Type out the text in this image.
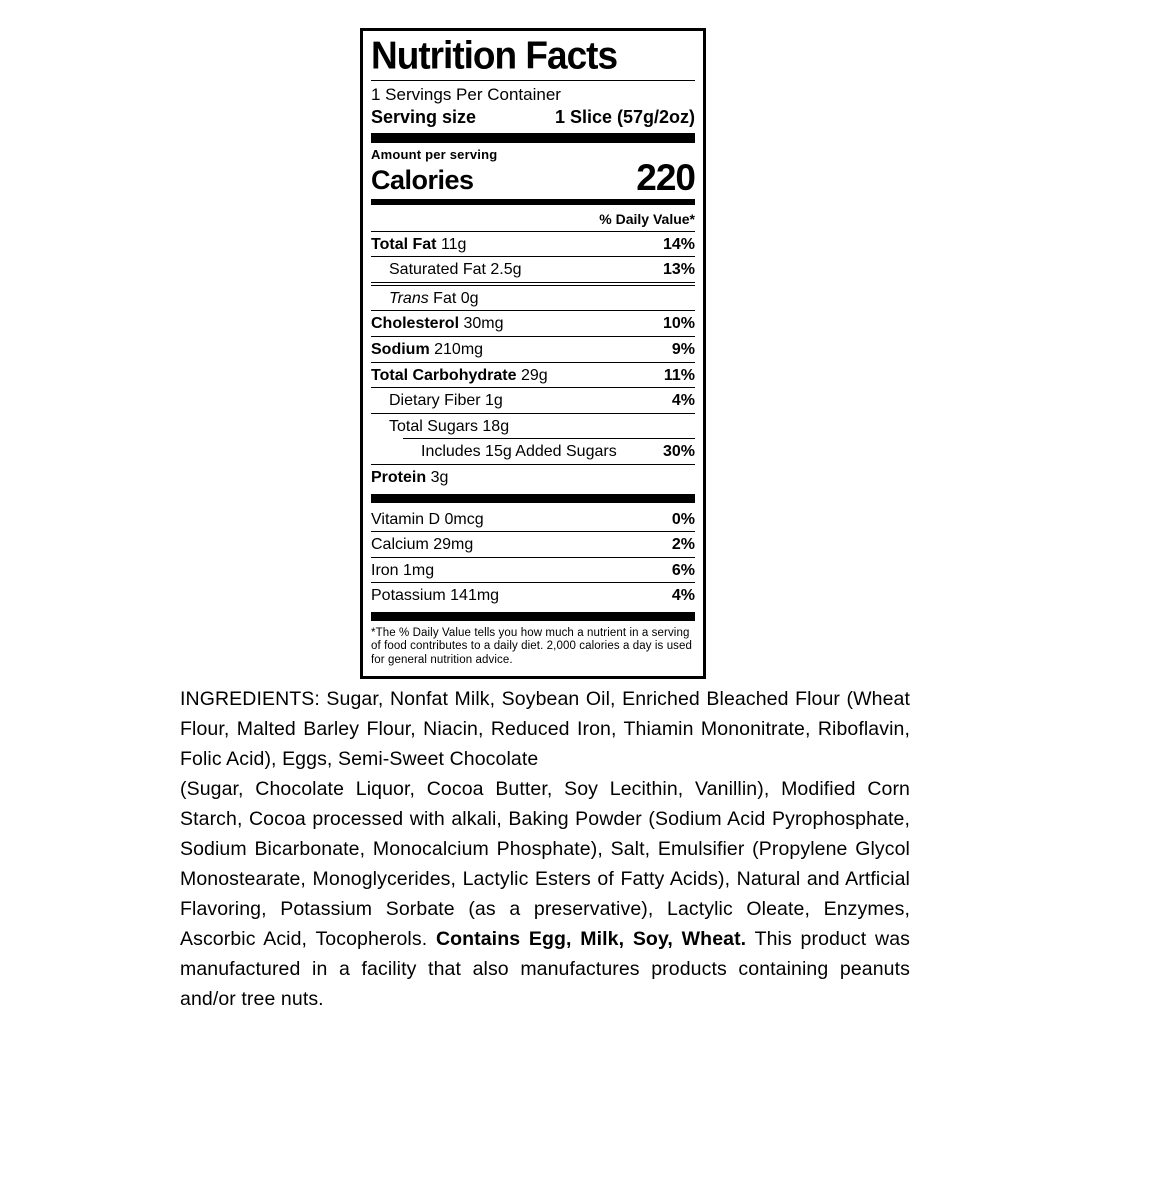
Nutrition Facts
1 Servings Per Container
Serving size	1 Slice (57g/2oz)
Amount per serving
Calories	220
% Daily Value*
Total Fat 11g	14%
Saturated Fat 2.5g	13%
Trans Fat 0g
Cholesterol 30mg	10%
Sodium 210mg	9%
Total Carbohydrate 29g	11%
Dietary Fiber 1g	4%
Total Sugars 18g
Includes 15g Added Sugars	30%
Protein 3g
Vitamin D 0mcg	0%
Calcium 29mg	2%
Iron 1mg	6%
Potassium 141mg	4%
*The % Daily Value tells you how much a nutrient in a serving of food contributes to a daily diet. 2,000 calories a day is used for general nutrition advice.

INGREDIENTS: Sugar, Nonfat Milk, Soybean Oil, Enriched Bleached Flour (Wheat Flour, Malted Barley Flour, Niacin, Reduced Iron, Thiamin Mononitrate, Riboflavin, Folic Acid), Eggs, Semi-Sweet Chocolate
(Sugar, Chocolate Liquor, Cocoa Butter, Soy Lecithin, Vanillin), Modified Corn Starch, Cocoa processed with alkali, Baking Powder (Sodium Acid Pyrophosphate, Sodium Bicarbonate, Monocalcium Phosphate), Salt, Emulsifier (Propylene Glycol Monostearate, Monoglycerides, Lactylic Esters of Fatty Acids), Natural and Artficial Flavoring, Potassium Sorbate (as a preservative), Lactylic Oleate, Enzymes, Ascorbic Acid, Tocopherols. Contains Egg, Milk, Soy, Wheat. This product was manufactured in a facility that also manufactures products containing peanuts and/or tree nuts.
